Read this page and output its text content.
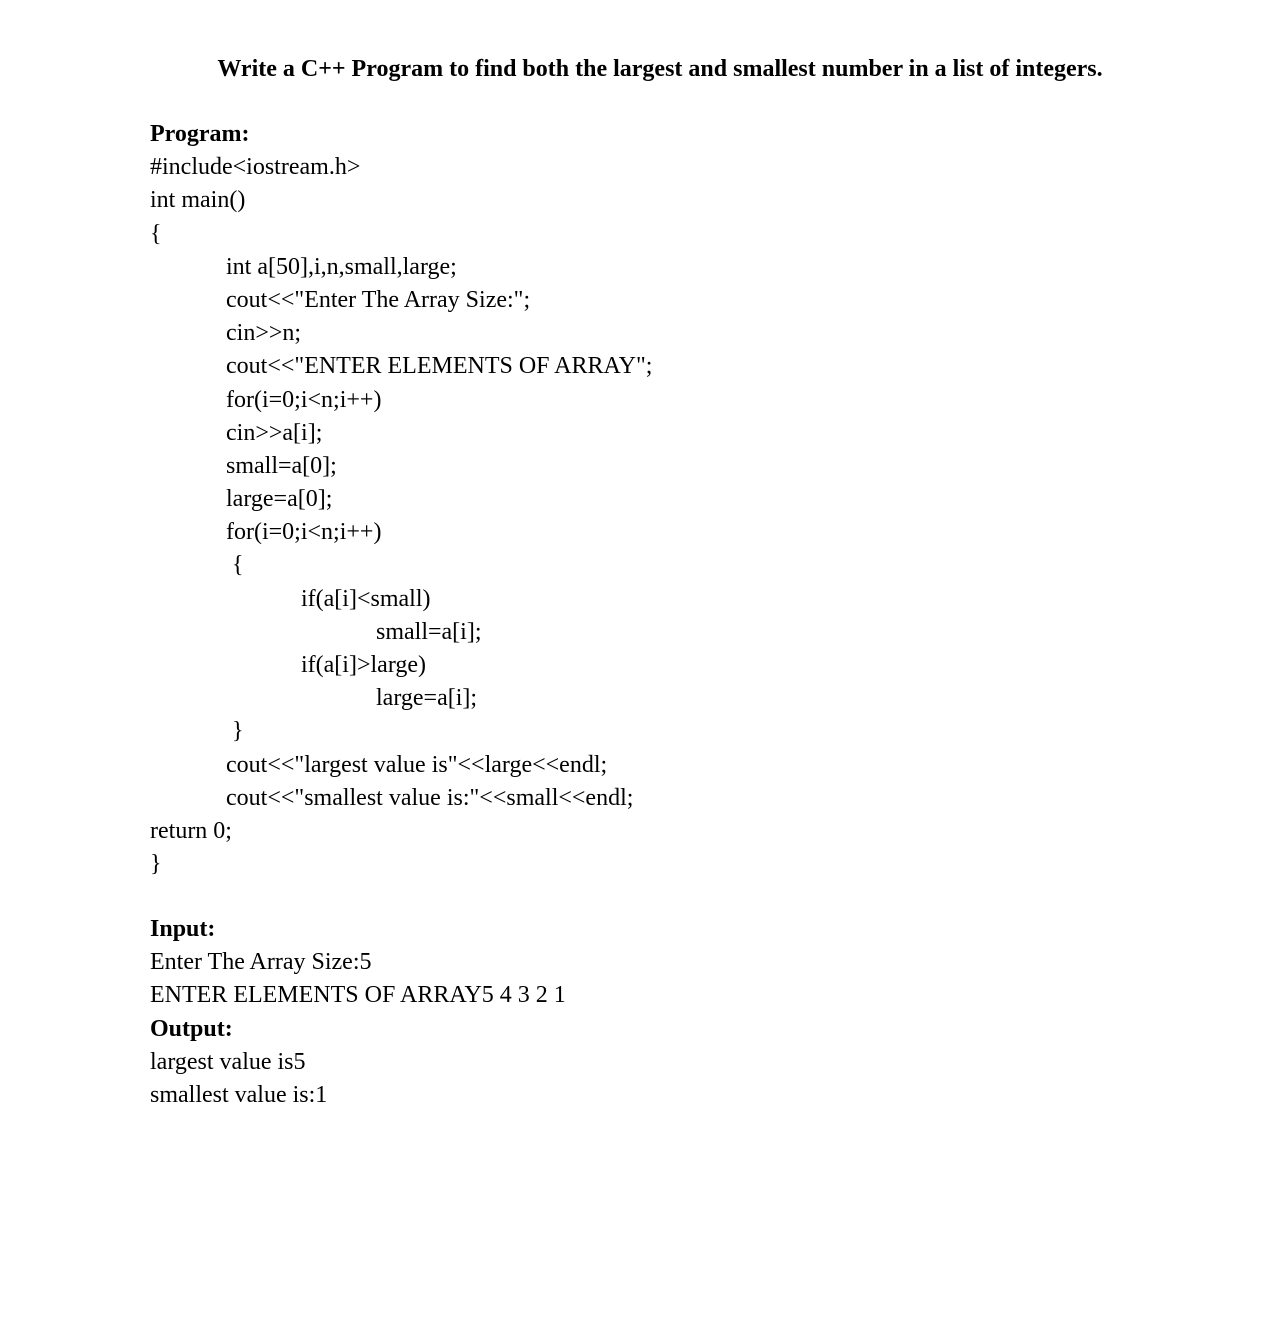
Write a C++ Program to find both the largest and smallest number in a list of integers.
Program:
#include<iostream.h>
int main()
{
int a[50],i,n,small,large;
cout<<"Enter The Array Size:";
cin>>n;
cout<<"ENTER ELEMENTS OF ARRAY";
for(i=0;i<n;i++)
cin>>a[i];
small=a[0];
large=a[0];
for(i=0;i<n;i++)
{
if(a[i]<small)
small=a[i];
if(a[i]>large)
large=a[i];
}
cout<<"largest value is"<<large<<endl;
cout<<"smallest value is:"<<small<<endl;
return 0;
}
Input:
Enter The Array Size:5
ENTER ELEMENTS OF ARRAY5 4 3 2 1
Output:
largest value is5
smallest value is:1
